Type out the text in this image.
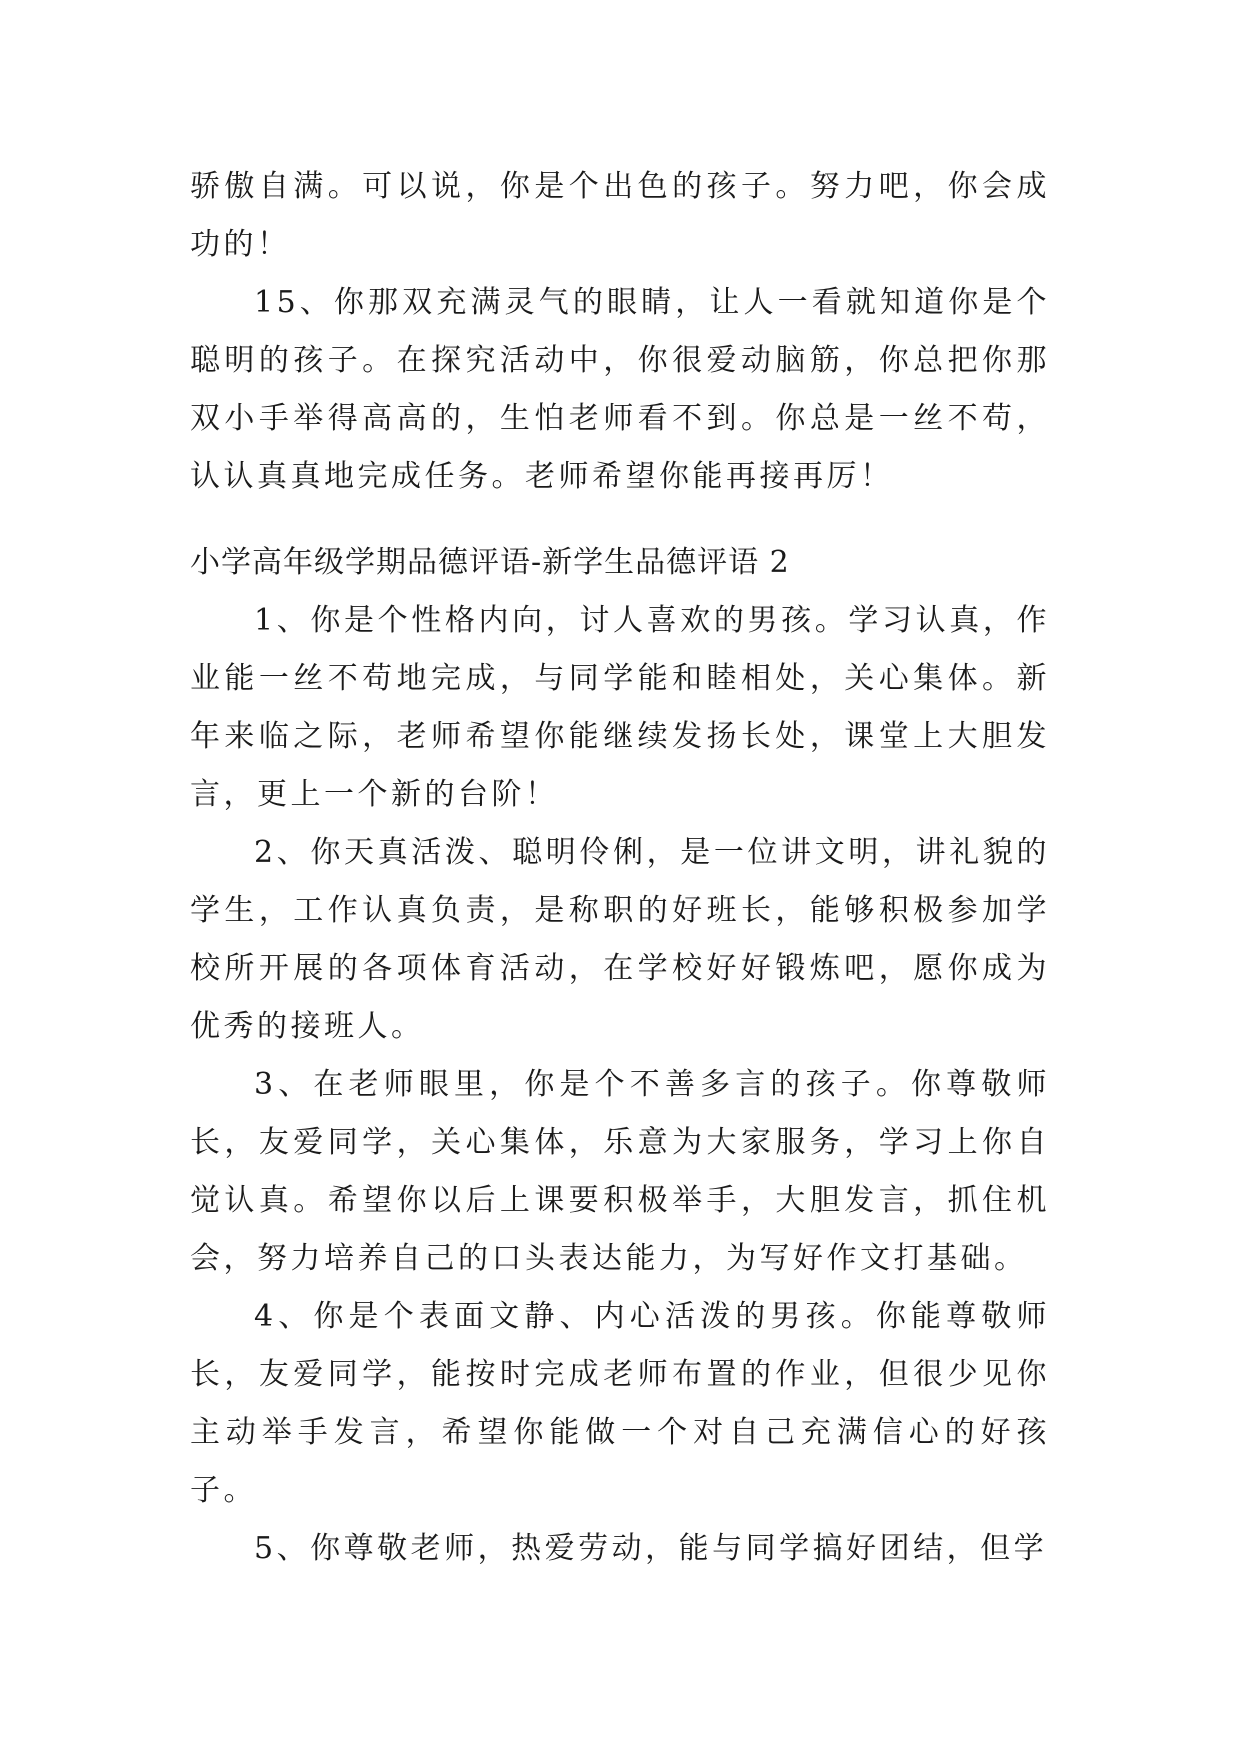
骄傲自满。可以说，你是个出色的孩子。努力吧，你会成功的！

15、你那双充满灵气的眼睛，让人一看就知道你是个聪明的孩子。在探究活动中，你很爱动脑筋，你总把你那双小手举得高高的，生怕老师看不到。你总是一丝不苟，认认真真地完成任务。老师希望你能再接再厉！

小学高年级学期品德评语-新学生品德评语 2

1、你是个性格内向，讨人喜欢的男孩。学习认真，作业能一丝不苟地完成，与同学能和睦相处，关心集体。新年来临之际，老师希望你能继续发扬长处，课堂上大胆发言，更上一个新的台阶！

2、你天真活泼、聪明伶俐，是一位讲文明，讲礼貌的学生，工作认真负责，是称职的好班长，能够积极参加学校所开展的各项体育活动，在学校好好锻炼吧，愿你成为优秀的接班人。

3、在老师眼里，你是个不善多言的孩子。你尊敬师长，友爱同学，关心集体，乐意为大家服务，学习上你自觉认真。希望你以后上课要积极举手，大胆发言，抓住机会，努力培养自己的口头表达能力，为写好作文打基础。

4、你是个表面文静、内心活泼的男孩。你能尊敬师长，友爱同学，能按时完成老师布置的作业，但很少见你主动举手发言，希望你能做一个对自己充满信心的好孩子。

5、你尊敬老师，热爱劳动，能与同学搞好团结，但学
